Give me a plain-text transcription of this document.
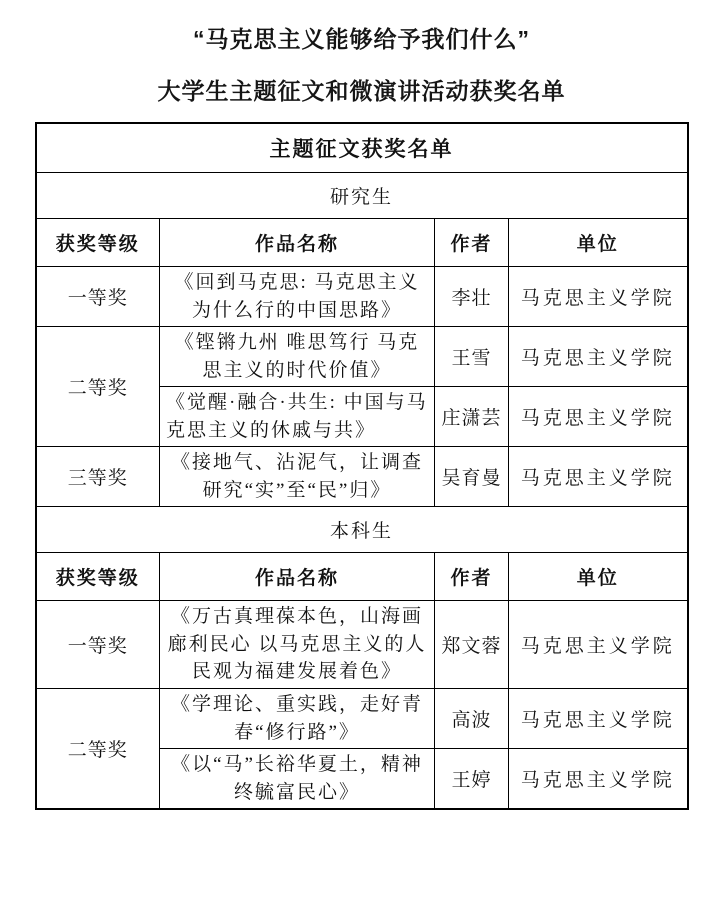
“马克思主义能够给予我们什么”
大学生主题征文和微演讲活动获奖名单
主题征文获奖名单			
研究生			
获奖等级	作品名称	作者	单位
一等奖	《回到马克思: 马克思主义为什么行的中国思路》	李壮	马克思主义学院
二等奖	《铿锵九州 唯思笃行 马克思主义的时代价值》	王雪	马克思主义学院
	《觉醒·融合·共生: 中国与马克思主义的休戚与共》	庄潇芸	马克思主义学院
三等奖	《接地气、沾泥气，让调查研究“实”至“民”归》	吴育曼	马克思主义学院
本科生			
获奖等级	作品名称	作者	单位
一等奖	《万古真理葆本色，山海画廊利民心 以马克思主义的人民观为福建发展着色》	郑文蓉	马克思主义学院
二等奖	《学理论、重实践，走好青春“修行路”》	高波	马克思主义学院
	《以“马”长裕华夏土，精神终毓富民心》	王婷	马克思主义学院
